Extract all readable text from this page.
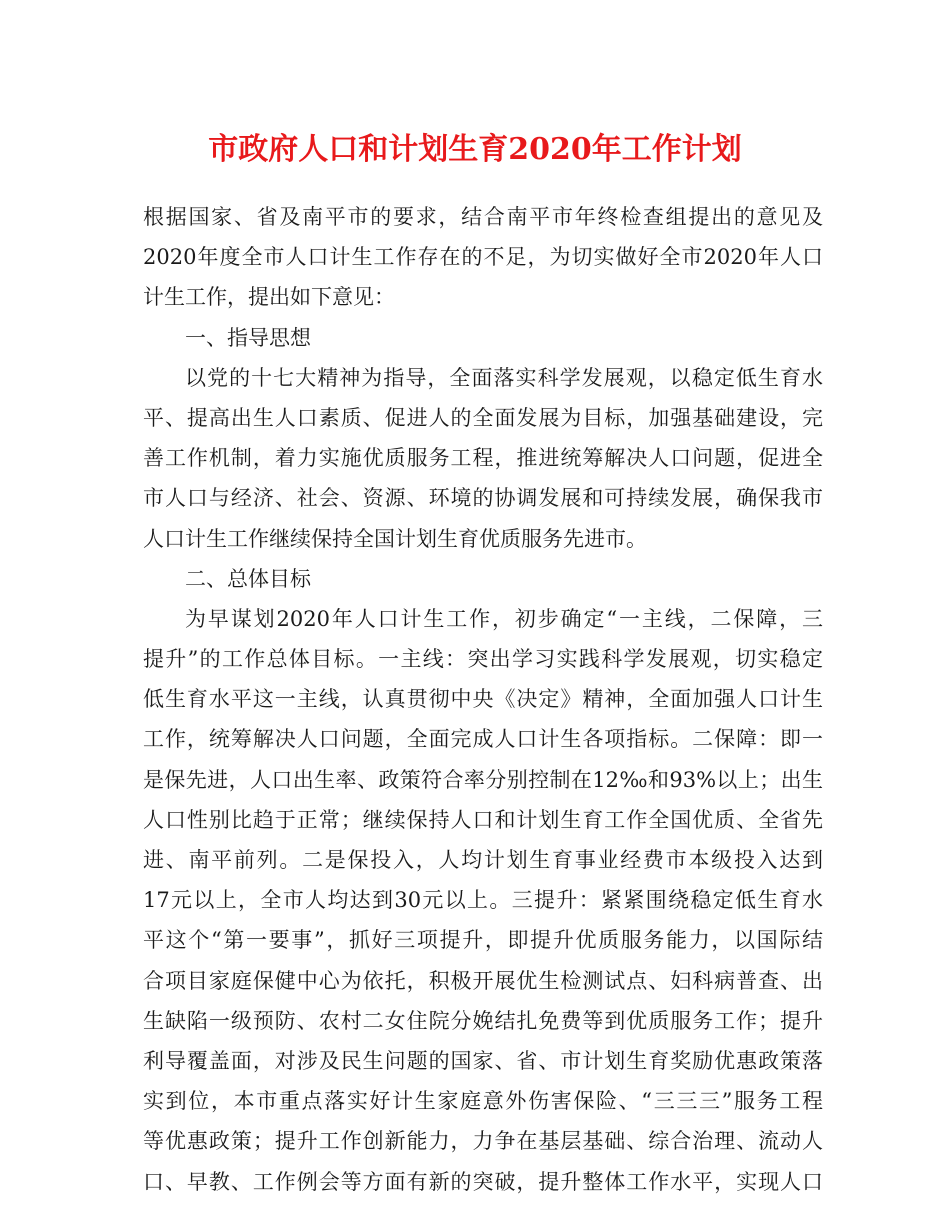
市政府人口和计划生育2020年工作计划
根据国家、省及南平市的要求，结合南平市年终检查组提出的意见及
2020年度全市人口计生工作存在的不足，为切实做好全市2020年人口
计生工作，提出如下意见：
一、指导思想
以党的十七大精神为指导，全面落实科学发展观，以稳定低生育水
平、提高出生人口素质、促进人的全面发展为目标，加强基础建设，完
善工作机制，着力实施优质服务工程，推进统筹解决人口问题，促进全
市人口与经济、社会、资源、环境的协调发展和可持续发展，确保我市
人口计生工作继续保持全国计划生育优质服务先进市。
二、总体目标
为早谋划2020年人口计生工作，初步确定“一主线，二保障，三
提升”的工作总体目标。一主线：突出学习实践科学发展观，切实稳定
低生育水平这一主线，认真贯彻中央《决定》精神，全面加强人口计生
工作，统筹解决人口问题，全面完成人口计生各项指标。二保障：即一
是保先进，人口出生率、政策符合率分别控制在12‰和93%以上；出生
人口性别比趋于正常；继续保持人口和计划生育工作全国优质、全省先
进、南平前列。二是保投入，人均计划生育事业经费市本级投入达到
17元以上，全市人均达到30元以上。三提升：紧紧围绕稳定低生育水
平这个“第一要事”，抓好三项提升，即提升优质服务能力，以国际结
合项目家庭保健中心为依托，积极开展优生检测试点、妇科病普查、出
生缺陷一级预防、农村二女住院分娩结扎免费等到优质服务工作；提升
利导覆盖面，对涉及民生问题的国家、省、市计划生育奖励优惠政策落
实到位，本市重点落实好计生家庭意外伤害保险、“三三三”服务工程
等优惠政策；提升工作创新能力，力争在基层基础、综合治理、流动人
口、早教、工作例会等方面有新的突破，提升整体工作水平，实现人口
